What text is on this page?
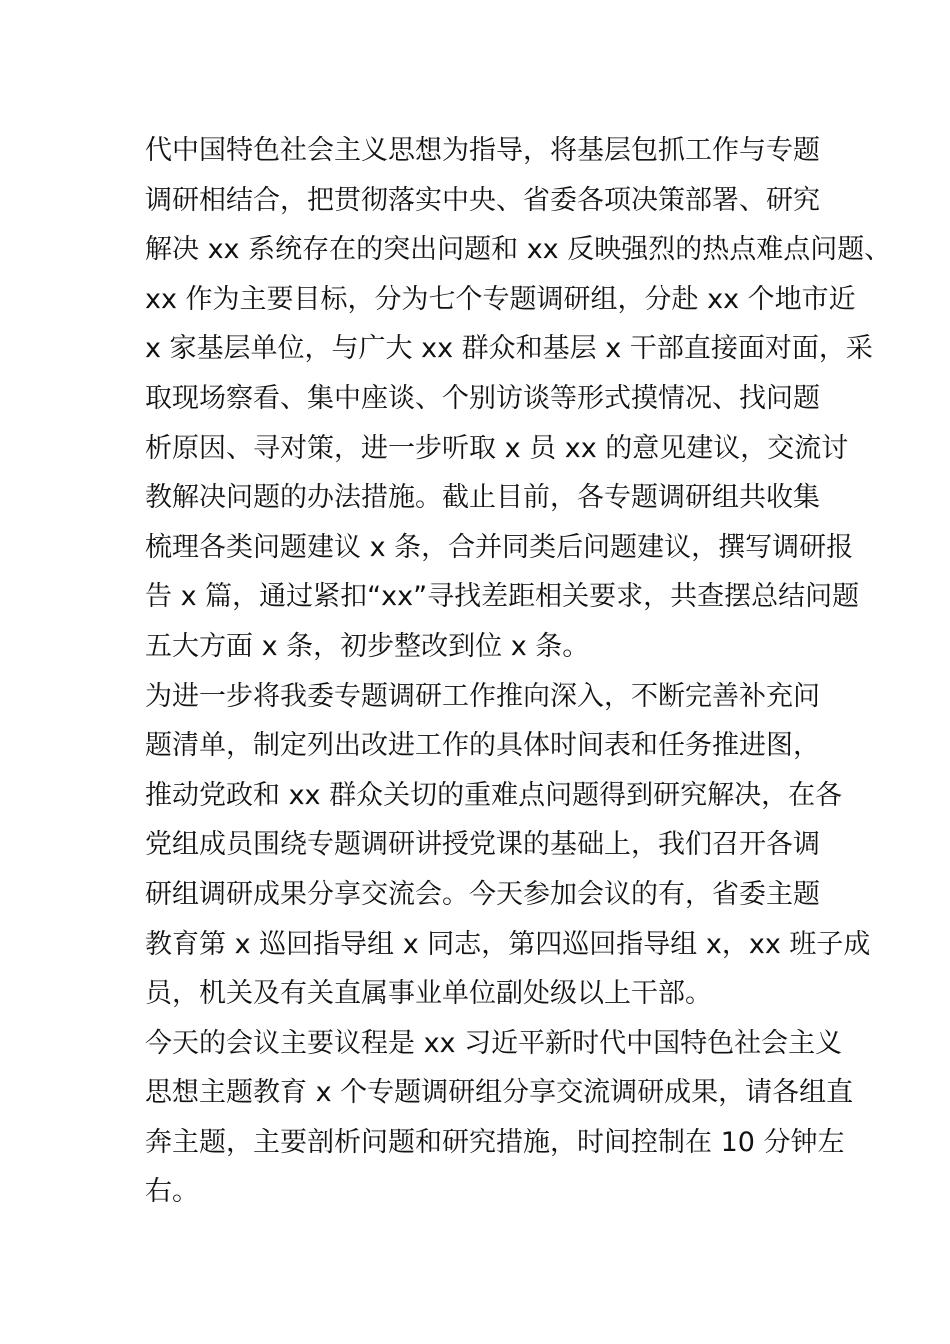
代中国特色社会主义思想为指导，将基层包抓工作与专题
调研相结合，把贯彻落实中央、省委各项决策部署、研究
解决 xx 系统存在的突出问题和 xx 反映强烈的热点难点问题、
xx 作为主要目标，分为七个专题调研组，分赴 xx 个地市近
x 家基层单位，与广大 xx 群众和基层 x 干部直接面对面，采
取现场察看、集中座谈、个别访谈等形式摸情况、找问题
析原因、寻对策，进一步听取 x 员 xx 的意见建议，交流讨
教解决问题的办法措施。截止目前，各专题调研组共收集
梳理各类问题建议 x 条，合并同类后问题建议，撰写调研报
告 x 篇，通过紧扣“xx”寻找差距相关要求，共查摆总结问题
五大方面 x 条，初步整改到位 x 条。
为进一步将我委专题调研工作推向深入，不断完善补充问
题清单，制定列出改进工作的具体时间表和任务推进图，
推动党政和 xx 群众关切的重难点问题得到研究解决，在各
党组成员围绕专题调研讲授党课的基础上，我们召开各调
研组调研成果分享交流会。今天参加会议的有，省委主题
教育第 x 巡回指导组 x 同志，第四巡回指导组 x，xx 班子成
员，机关及有关直属事业单位副处级以上干部。
今天的会议主要议程是 xx 习近平新时代中国特色社会主义
思想主题教育 x 个专题调研组分享交流调研成果，请各组直
奔主题，主要剖析问题和研究措施，时间控制在 10 分钟左
右。
